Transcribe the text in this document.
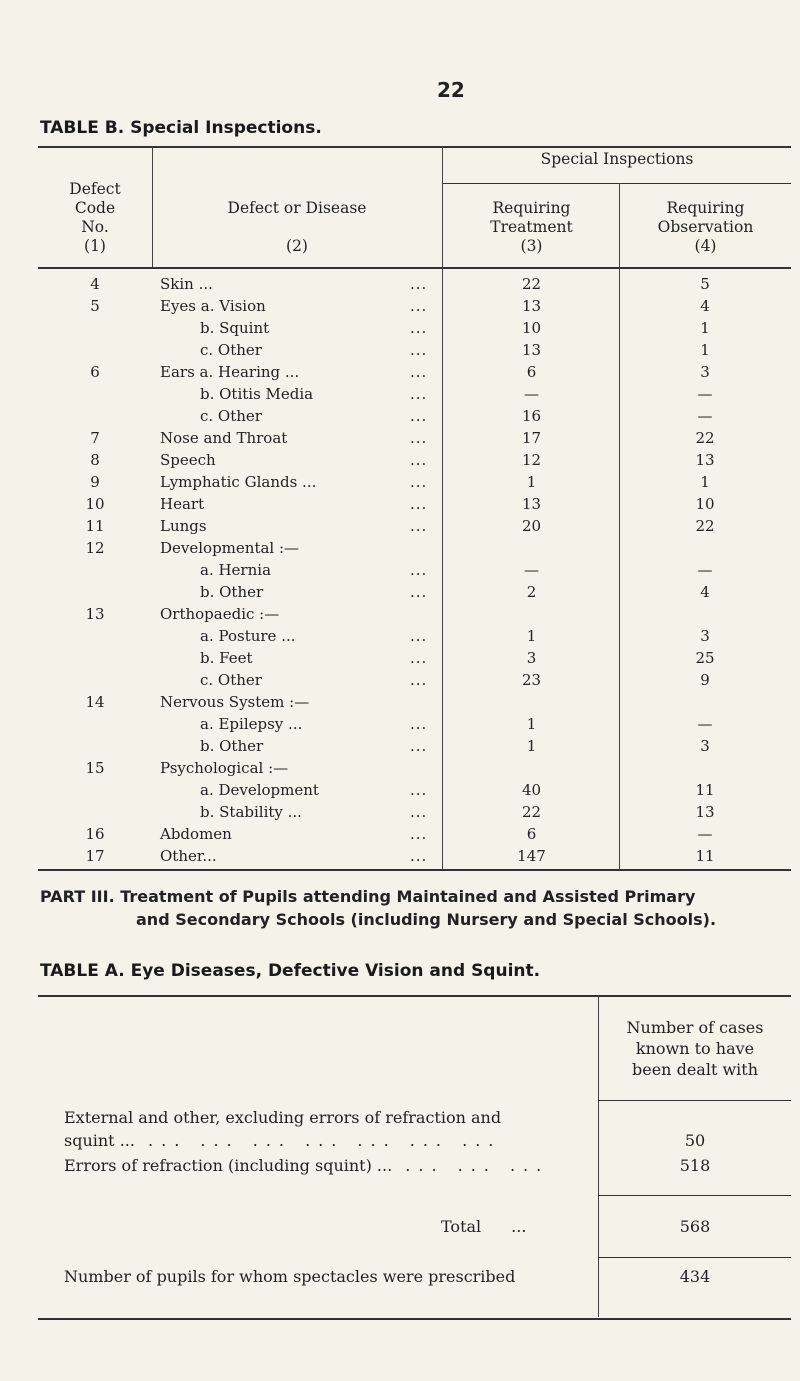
22
TABLE B. Special Inspections.
Defect
Code
No.
(1)
Defect or Disease
(2)
Special Inspections
Requiring
Treatment
(3)
Requiring
Observation
(4)
4	Skin ...	22	5
...
5	Eyes a. Vision	13	4
...
b. Squint	10	1
...
c. Other	13	1
...
6	Ears a. Hearing ...	6	3
...
b. Otitis Media	—	—
...
c. Other	16	—
...
7	Nose and Throat	17	22
...
8	Speech	12	13
...
9	Lymphatic Glands ...	1	1
...
10	Heart	13	10
...
11	Lungs	20	22
...
12	Developmental :—
a. Hernia	—	—
...
b. Other	2	4
...
13	Orthopaedic :—
a. Posture ...	1	3
...
b. Feet	3	25
...
c. Other	23	9
...
14	Nervous System :—
a. Epilepsy ...	1	—
...
b. Other	1	3
...
15	Psychological :—
a. Development	40	11
...
b. Stability ...	22	13
...
16	Abdomen	6	—
...
17	Other...	147	11
...
PART III. Treatment of Pupils attending Maintained and Assisted Primary
and Secondary Schools (including Nursery and Special Schools).
TABLE A. Eye Diseases, Defective Vision and Squint.
Number of cases
known to have
been dealt with
External and other, excluding errors of refraction and
squint ... ... ... ... ... ... ... ...	50
Errors of refraction (including squint) ... ... ... ...	518
Total ...	568
Number of pupils for whom spectacles were prescribed	434
